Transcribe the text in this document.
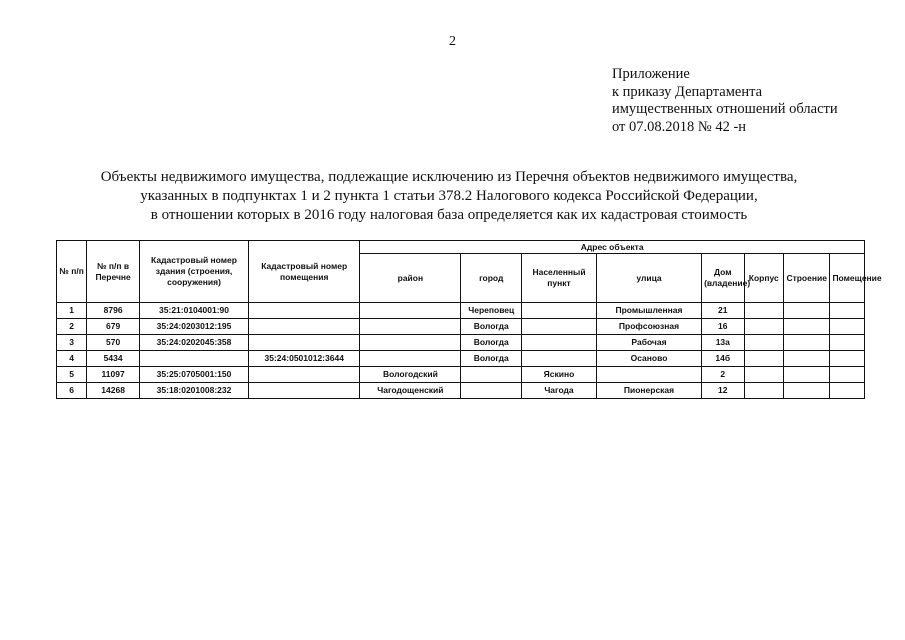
2
Приложение
к приказу Департамента
имущественных отношений области
от 07.08.2018 № 42 -н
Объекты недвижимого имущества, подлежащие исключению из Перечня объектов недвижимого имущества,
указанных в подпунктах 1 и 2 пункта 1 статьи 378.2 Налогового кодекса Российской Федерации,
в отношении которых в 2016 году налоговая база определяется как их кадастровая стоимость
№ п/п	№ п/п в Перечне	Кадастровый номер здания (строения, сооружения)	Кадастровый номер помещения	Адрес объекта							
				район	город	Населенный пункт	улица	Дом (владение)	Корпус	Строение	Помещение
1	8796	35:21:0104001:90			Череповец		Промышленная	21			
2	679	35:24:0203012:195			Вологда		Профсоюзная	16			
3	570	35:24:0202045:358			Вологда		Рабочая	13а			
4	5434		35:24:0501012:3644		Вологда		Осаново	14б			
5	11097	35:25:0705001:150		Вологодский		Яскино		2			
6	14268	35:18:0201008:232		Чагодощенский		Чагода	Пионерская	12			
